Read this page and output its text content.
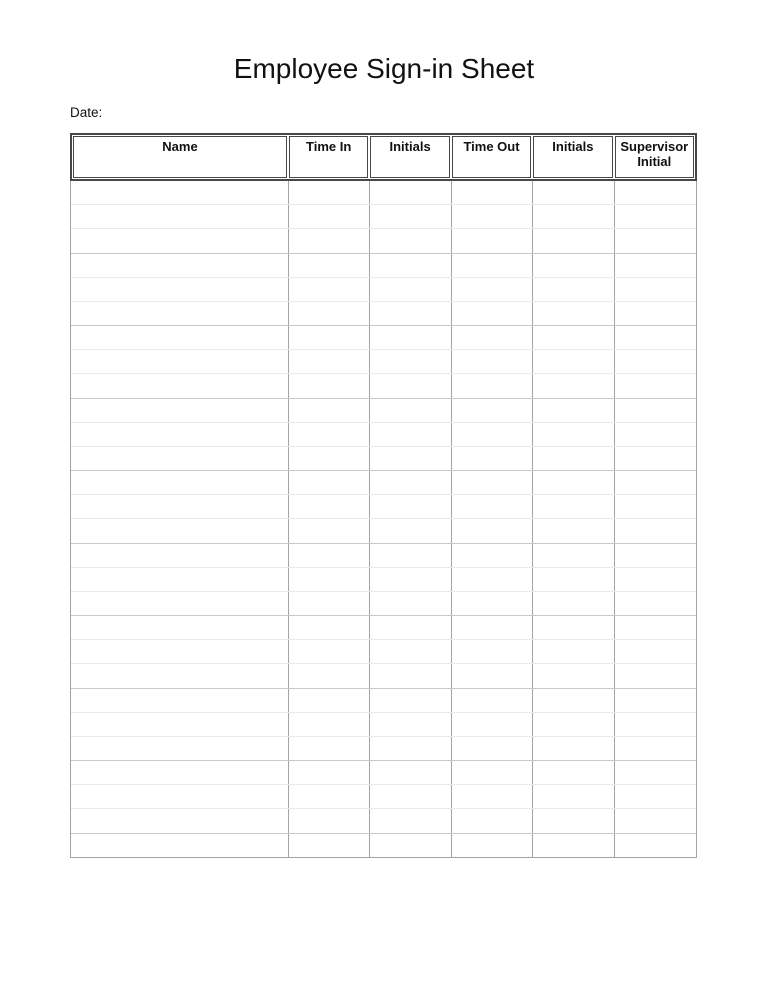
Employee Sign-in Sheet
Date:
Name	Time In	Initials	Time Out	Initials	Supervisor Initial
